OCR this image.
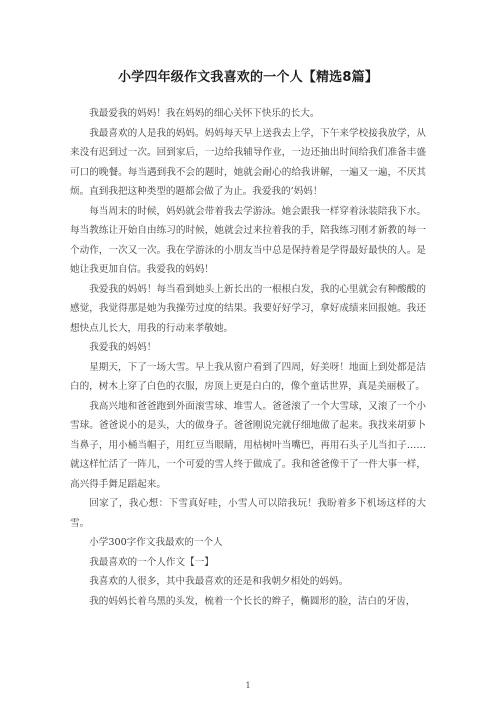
小学四年级作文我喜欢的一个人【精选8篇】

我最爱我的妈妈！我在妈妈的细心关怀下快乐的长大。

我最喜欢的人是我的妈妈。妈妈每天早上送我去上学，下午来学校接我放学，从来没有迟到过一次。回到家后，一边给我辅导作业，一边还抽出时间给我们准备丰盛可口的晚餐。每当遇到我不会的题时，她就会耐心的给我讲解，一遍又一遍，不厌其烦。直到我把这种类型的题都会做了为止。我爱我的’妈妈！

每当周末的时候，妈妈就会带着我去学游泳。她会跟我一样穿着泳装陪我下水。每当教练让开始自由练习的时候，她就会过来拉着我的手，陪我练习刚才新教的每一个动作，一次又一次。我在学游泳的小朋友当中总是保持着是学得最好最快的人。是她让我更加自信。我爱我的妈妈！

我爱我的妈妈！每当看到她头上新长出的一根根白发，我的心里就会有种酸酸的感觉，我觉得那是她为我操劳过度的结果。我要好好学习，拿好成绩来回报她。我还想快点儿长大，用我的行动来孝敬她。

我爱我的妈妈！

星期天，下了一场大雪。早上我从窗户看到了四周，好美呀！地面上到处都是洁白的，树木上穿了白色的衣服，房顶上更是白白的，像个童话世界，真是美丽极了。

我高兴地和爸爸跑到外面滚雪球、堆雪人。爸爸滚了一个大雪球，又滚了一个小雪球。爸爸说小的是头，大的做身子。爸爸刚说完就仔细地做了起来。我找来胡萝卜当鼻子，用小桶当帽子，用红豆当眼睛，用枯树叶当嘴巴，再用石头子儿当扣子……就这样忙活了一阵儿，一个可爱的雪人终于做成了。我和爸爸像干了一件大事一样，高兴得手舞足蹈起来。

回家了，我心想：下雪真好哇，小雪人可以陪我玩！我盼着多下机场这样的大雪。

小学300字作文我最欢的一个人

我最喜欢的一个人作文【一】

我喜欢的人很多，其中我最喜欢的还是和我朝夕相处的妈妈。

我的妈妈长着乌黑的头发，梳着一个长长的辫子，椭圆形的脸，洁白的牙齿，

1
